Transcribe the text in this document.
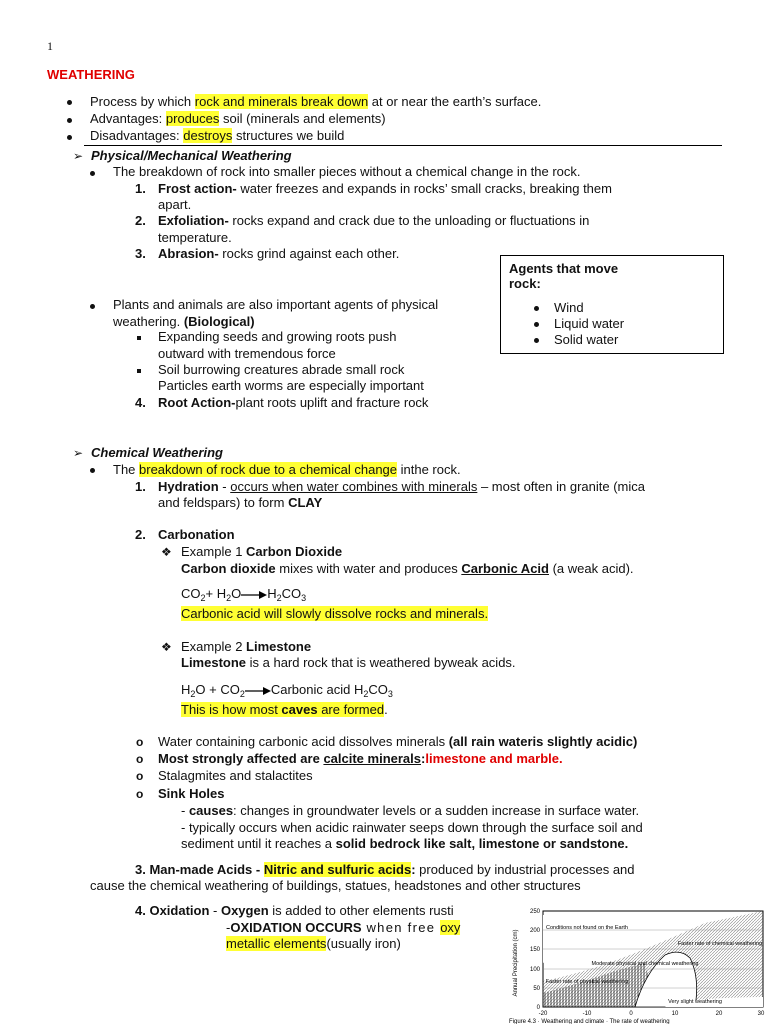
1
WEATHERING
Process by which rock and minerals break down at or near the earth’s surface.
Advantages: produces soil (minerals and elements)
Disadvantages: destroys structures we build
➢ Physical/Mechanical Weathering
The breakdown of rock into smaller pieces without a chemical change in the rock.
1. Frost action- water freezes and expands in rocks’ small cracks, breaking them
apart.
2. Exfoliation- rocks expand and crack due to the unloading or fluctuations in
temperature.
3. Abrasion- rocks grind against each other.
Plants and animals are also important agents of physical
weathering. (Biological)
Expanding seeds and growing roots push
outward with tremendous force
Soil burrowing creatures abrade small rock
Particles earth worms are especially important
4. Root Action-plant roots uplift and fracture rock
Agents that move
rock:
Wind
Liquid water
Solid water
➢ Chemical Weathering
The breakdown of rock due to a chemical change inthe rock.
1. Hydration - occurs when water combines with minerals – most often in granite (mica
and feldspars) to form CLAY
2. Carbonation
❖ Example 1 Carbon Dioxide
Carbon dioxide mixes with water and produces Carbonic Acid (a weak acid).
$CO_2+ H_2O\to H_2CO_3$
Carbonic acid will slowly dissolve rocks and minerals.
❖ Example 2 Limestone
Limestone is a hard rock that is weathered byweak acids.
$H_2O$ + $CO_2\to Carbonic$ acid $H_2CO_3$
This is how most caves are formed.
o Water containing carbonic acid dissolves minerals (all rain wateris slightly acidic)
o Most strongly affected are calcite minerals:limestone and marble.
o Stalagmites and stalactites
o Sink Holes
- causes: changes in groundwater levels or a sudden increase in surface water.
- typically occurs when acidic rainwater seeps down through the surface soil and
sediment until it reaches a solid bedrock like salt, limestone or sandstone.
3. Man-made Acids - Nitric and sulfuric acids: produced by industrial processes and
cause the chemical weathering of buildings, statues, headstones and other structures
4. Oxidation - Oxygen is added to other elements rusti
-OXIDATION OCCURS when free oxy
metallic elements(usually iron)
250
200
150
100
50
0
-20	-10	0	10	20	30
Annual Precipitation (cm)
Conditions not found on the Earth
Faster rate of chemical weathering
Moderate physical and chemical weathering
Faster rate of physical weathering
Very slight weathering
Figure 4.3 · Weathering and climate · The rate of weathering
